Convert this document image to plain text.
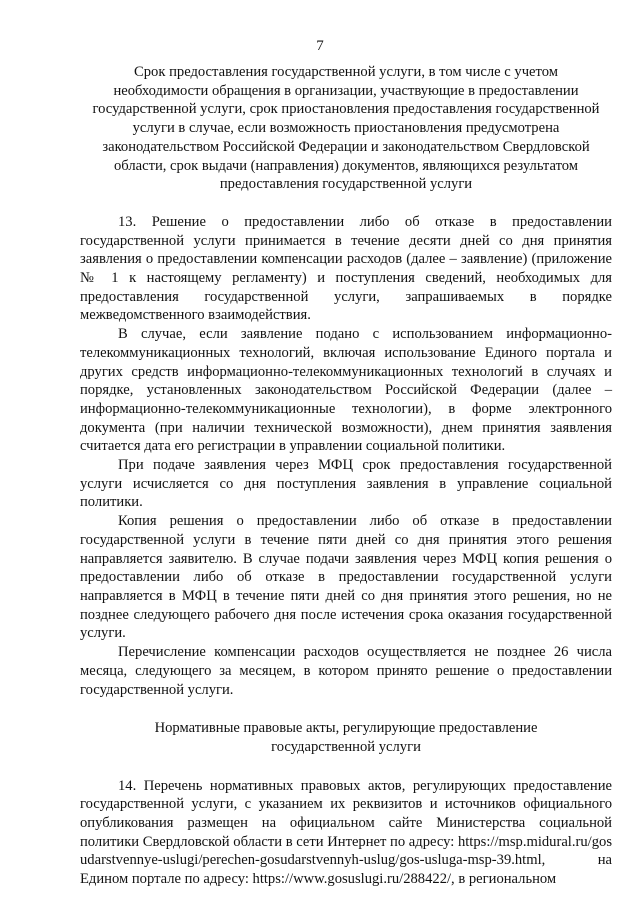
7
Срок предоставления государственной услуги, в том числе с учетом необходимости обращения в организации, участвующие в предоставлении государственной услуги, срок приостановления предоставления государственной услуги в случае, если возможность приостановления предусмотрена законодательством Российской Федерации и законодательством Свердловской области, срок выдачи (направления) документов, являющихся результатом предоставления государственной услуги

13. Решение о предоставлении либо об отказе в предоставлении государственной услуги принимается в течение десяти дней со дня принятия заявления о предоставлении компенсации расходов (далее – заявление) (приложение № 1 к настоящему регламенту) и поступления сведений, необходимых для предоставления государственной услуги, запрашиваемых в порядке межведомственного взаимодействия.

В случае, если заявление подано с использованием информационно-телекоммуникационных технологий, включая использование Единого портала и других средств информационно-телекоммуникационных технологий в случаях и порядке, установленных законодательством Российской Федерации (далее – информационно-телекоммуникационные технологии), в форме электронного документа (при наличии технической возможности), днем принятия заявления считается дата его регистрации в управлении социальной политики.

При подаче заявления через МФЦ срок предоставления государственной услуги исчисляется со дня поступления заявления в управление социальной политики.

Копия решения о предоставлении либо об отказе в предоставлении государственной услуги в течение пяти дней со дня принятия этого решения направляется заявителю. В случае подачи заявления через МФЦ копия решения о предоставлении либо об отказе в предоставлении государственной услуги направляется в МФЦ в течение пяти дней со дня принятия этого решения, но не позднее следующего рабочего дня после истечения срока оказания государственной услуги.

Перечисление компенсации расходов осуществляется не позднее 26 числа месяца, следующего за месяцем, в котором принято решение о предоставлении государственной услуги.

Нормативные правовые акты, регулирующие предоставление государственной услуги

14. Перечень нормативных правовых актов, регулирующих предоставление государственной услуги, с указанием их реквизитов и источников официального опубликования размещен на официальном сайте Министерства социальной политики Свердловской области в сети Интернет по адресу: https://msp.midural.ru/gosudarstvennye-uslugi/perechen-gosudarstvennyh-uslug/gos-usluga-msp-39.html, на Едином портале по адресу: https://www.gosuslugi.ru/288422/, в региональном
